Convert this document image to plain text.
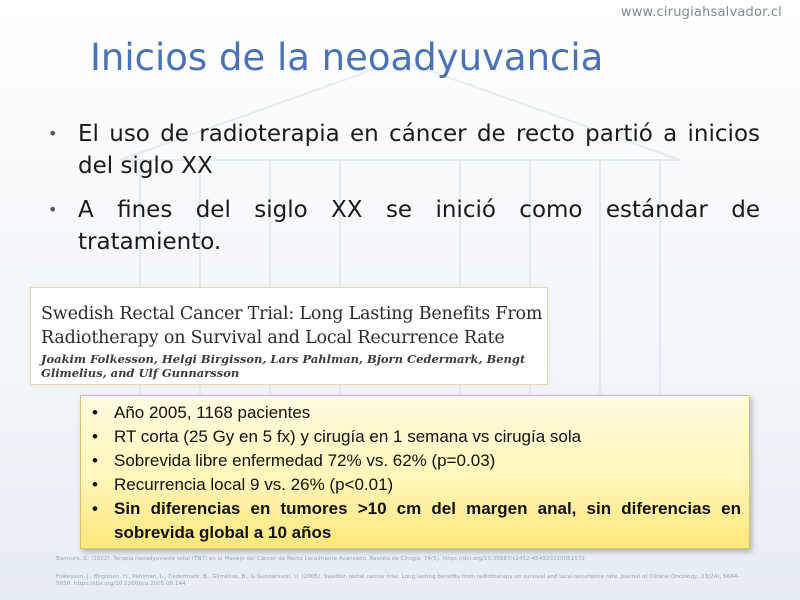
www.cirugiahsalvador.cl
Inicios de la neoadyuvancia
• El uso de radioterapia en cáncer de recto partió a inicios del siglo XX
• A fines del siglo XX se inició como estándar de tratamiento.
Swedish Rectal Cancer Trial: Long Lasting Benefits From Radiotherapy on Survival and Local Recurrence Rate
Joakim Folkesson, Helgi Birgisson, Lars Pahlman, Bjorn Cedermark, Bengt Glimelius, and Ulf Gunnarsson
• Año 2005, 1168 pacientes
• RT corta (25 Gy en 5 fx) y cirugía en 1 semana vs cirugía sola
• Sobrevida libre enfermedad 72% vs. 62% (p=0.03)
• Recurrencia local 9 vs. 26% (p<0.01)
• Sin diferencias en tumores >10 cm del margen anal, sin diferencias en sobrevida global a 10 años

Bannura, G. (2022). Terapia neoadyuvante total (TNT) en el Manejo del Cáncer de Recto Localmente Avanzado. Revista de Cirugía, 74(5). https://doi.org/10.35687/s2452-454920220051572

Folkesson, J., Birgisson, H., Pahlman, L., Cedermark, B., Glimelius, B., & Gunnarsson, U. (2005). Swedish rectal cancer trial: Long lasting benefits from radiotherapy on survival and local recurrence rate. Journal of Clinical Oncology, 23(24), 5644–5650. https://doi.org/10.1200/jco.2005.08.144
